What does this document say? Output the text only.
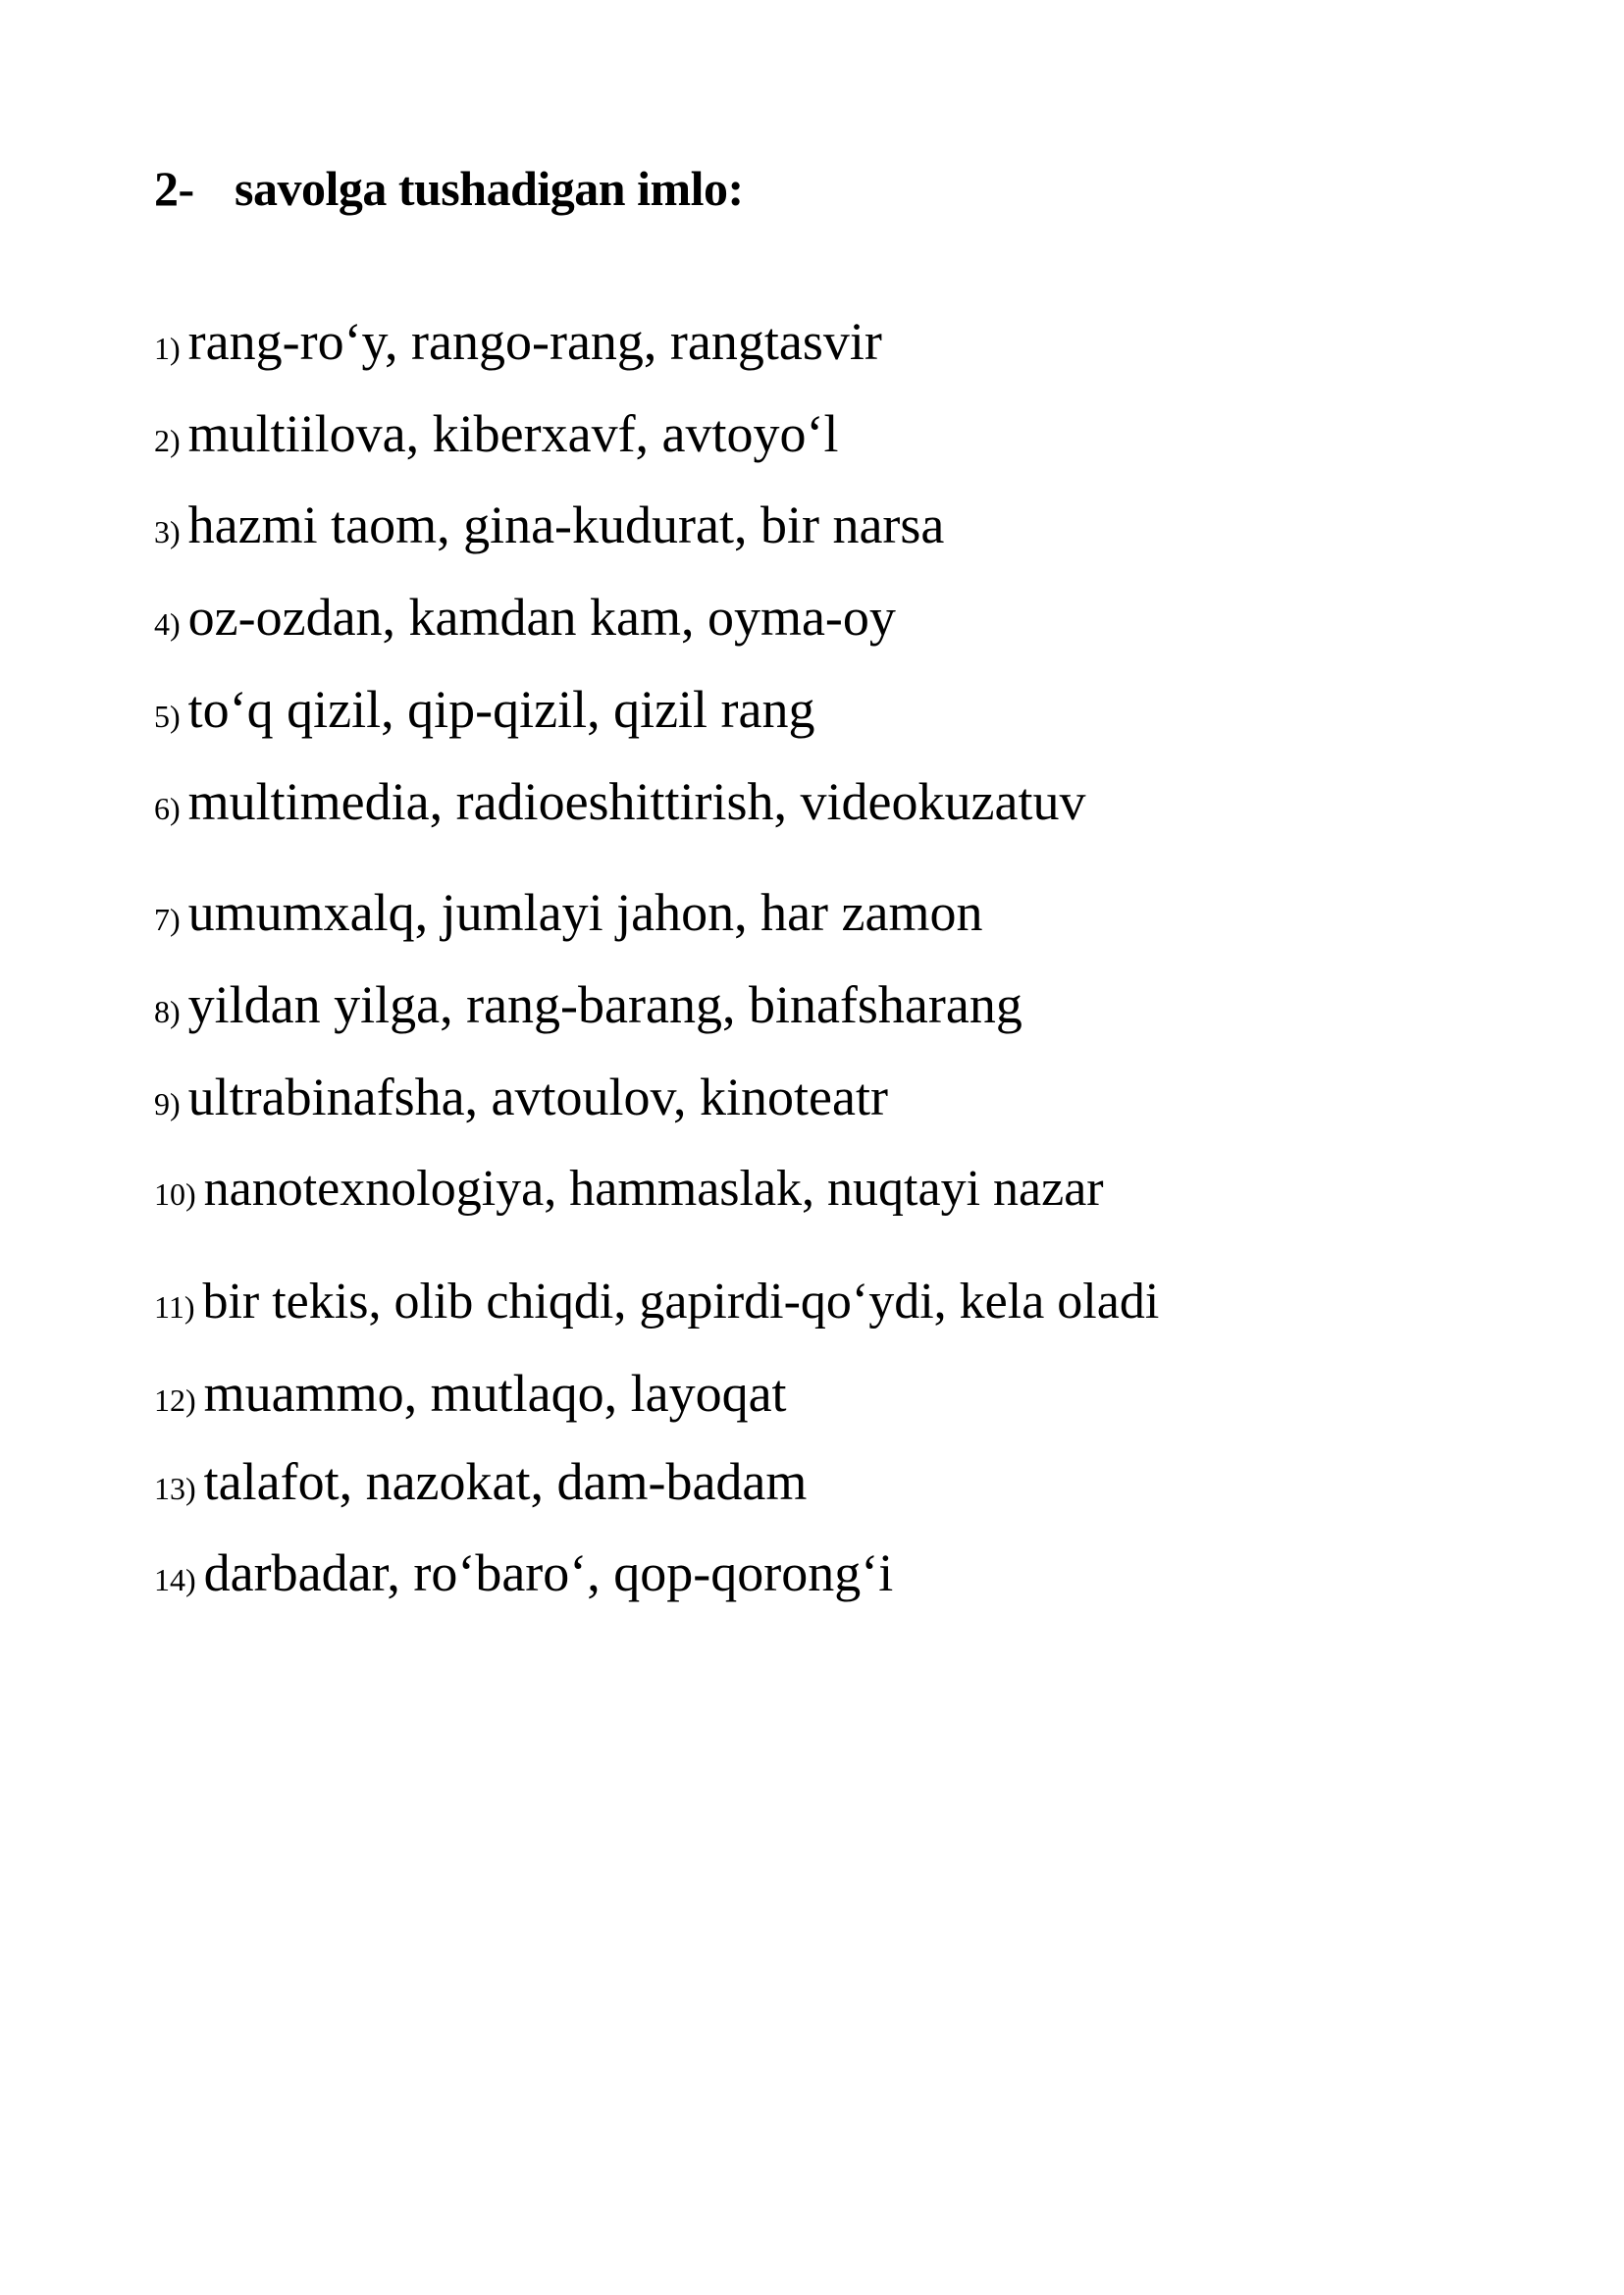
2- savolga tushadigan imlo:
1) rang-ro‘y, rango-rang, rangtasvir
2) multiilova, kiberxavf, avtoyo‘l
3) hazmi taom, gina-kudurat, bir narsa
4) oz-ozdan, kamdan kam, oyma-oy
5) to‘q qizil, qip-qizil, qizil rang
6) multimedia, radioeshittirish, videokuzatuv
7) umumxalq, jumlayi jahon, har zamon
8) yildan yilga, rang-barang, binafsharang
9) ultrabinafsha, avtoulov, kinoteatr
10) nanotexnologiya, hammaslak, nuqtayi nazar
11) bir tekis, olib chiqdi, gapirdi-qo‘ydi, kela oladi
12) muammo, mutlaqo, layoqat
13) talafot, nazokat, dam-badam
14) darbadar, ro‘baro‘, qop-qorong‘i
